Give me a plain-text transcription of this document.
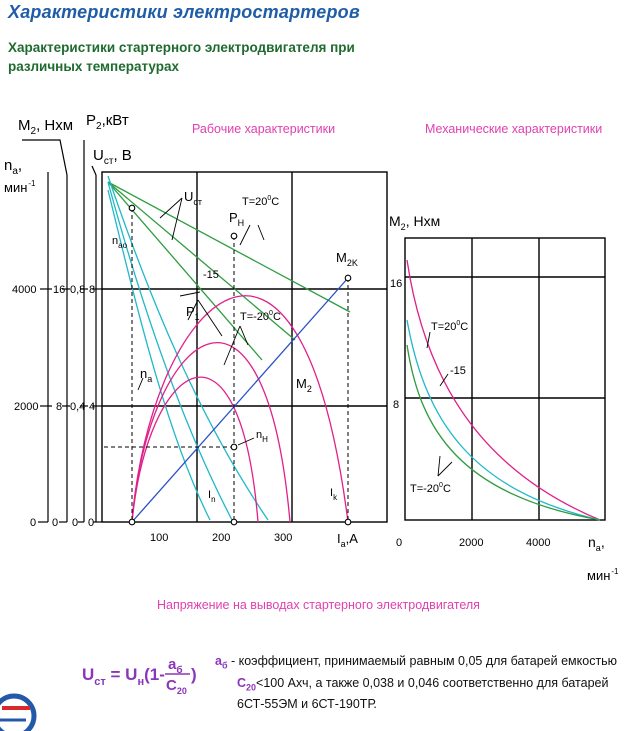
Характеристики электростартеров
Характеристики стартерного электродвигателя при различных температурах
Рабочие характеристики
$M_2$, Нхм $P_2,кВт$
$U_{ст}$, В
$n_а$,
мин$^{-1}$
4000
2000
0
16
8
0
0,8
0,4
0
8
4
0
100	200	300	$I_а,A$
$U_{ст}$
$P_H$
$T=20^0C$
$n_{ao}$
-15
$P_1$	$T=-20^0C$
$M_{2K}$
$n_a$	$M_2$
$n_H$
$I_n$
$I_k$
Механические характеристики
$M_2$, Нхм
16
8
0	2000	4000	$n_а$,
мин$^{-1}$
$T=20^0C$
-15
$T=-20^0C$
Напряжение на выводах стартерного электродвигателя
$U_{ст} = U_н(1-$
$a_б$
$C_{20}$
)
$a_б$ - коэффициент, принимаемый равным 0,05 для батарей емкостью
$C_{20}<100$ Ахч, а также 0,038 и 0,046 соответственно для батарей
6СТ-55ЭМ и 6СТ-190ТР.
